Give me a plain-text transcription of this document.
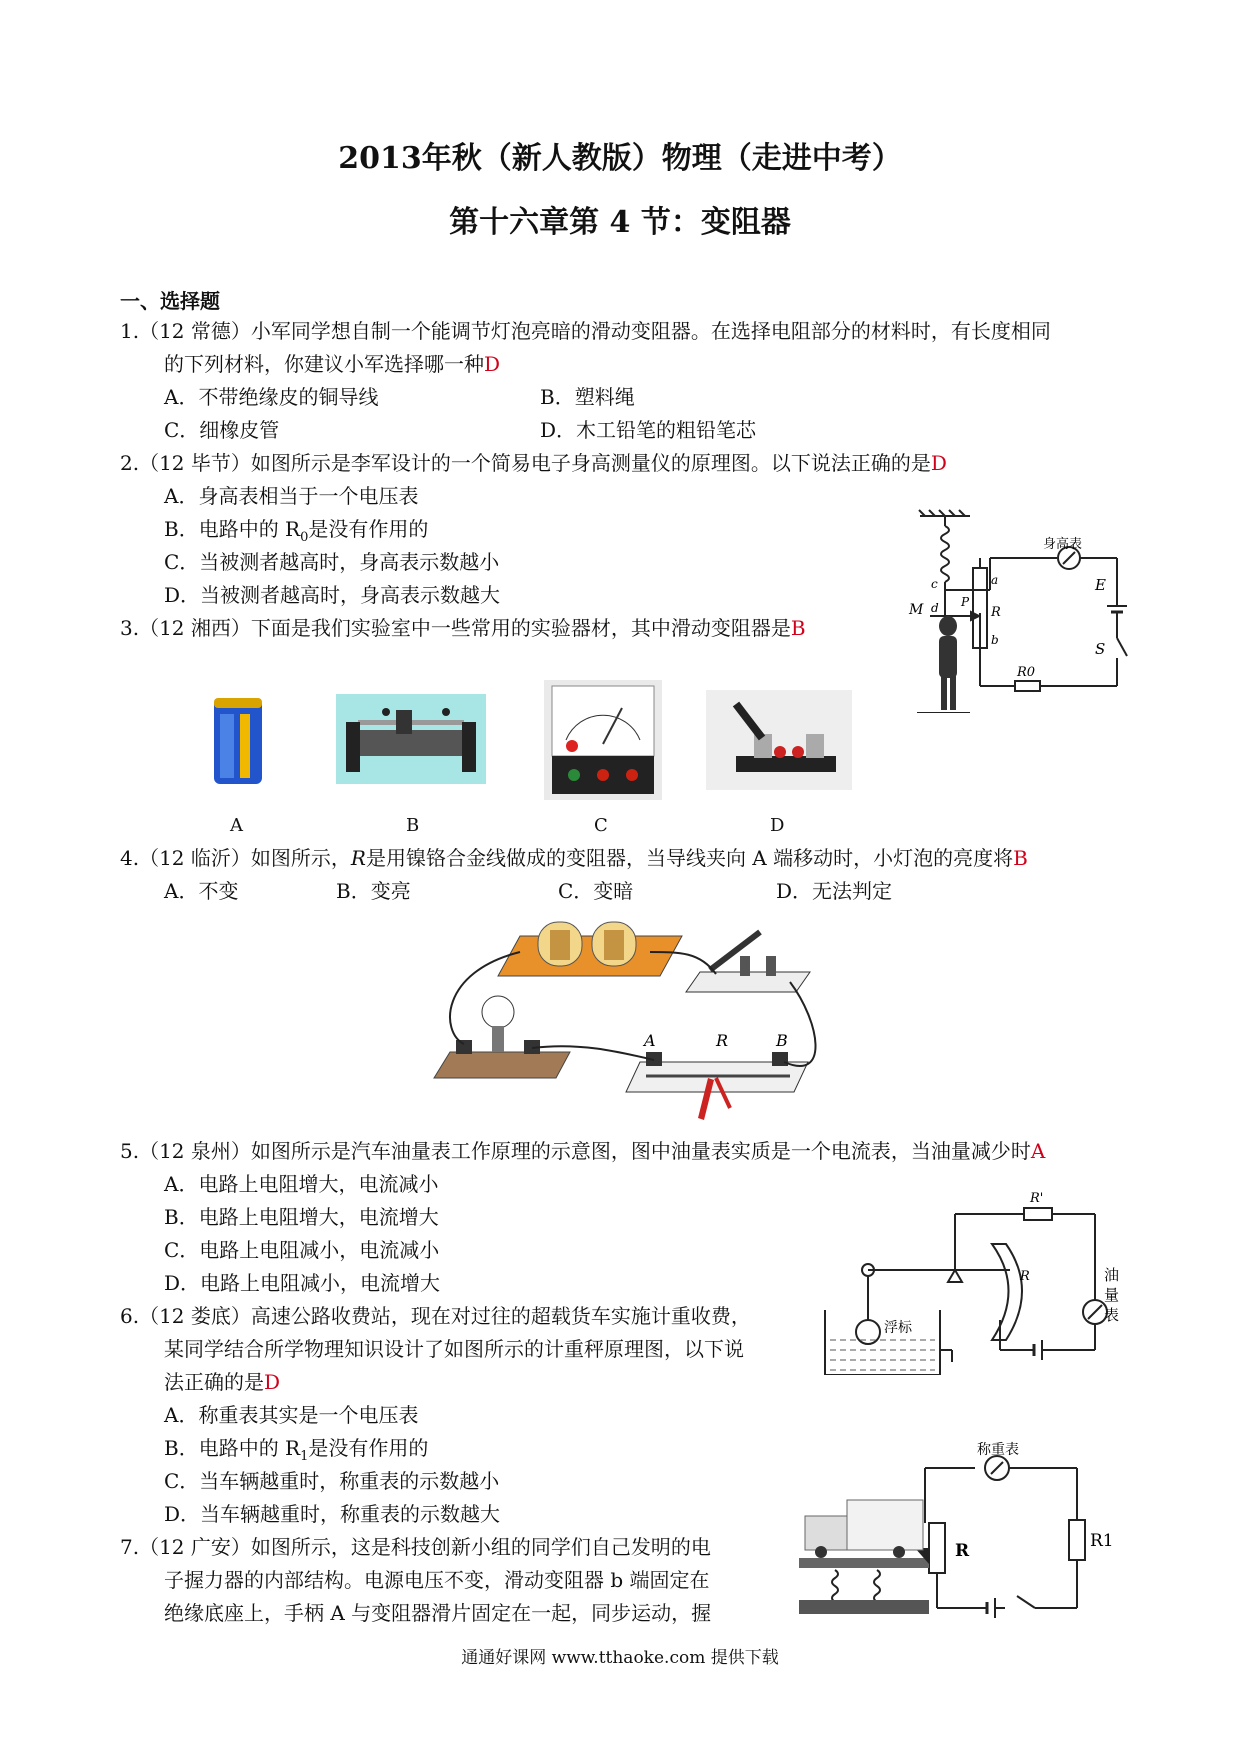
2013年秋（新人教版）物理（走进中考）
第十六章第 4 节：变阻器
一、选择题
1.（12 常德）小军同学想自制一个能调节灯泡亮暗的滑动变阻器。在选择电阻部分的材料时，有长度相同
的下列材料，你建议小军选择哪一种D
A．不带绝缘皮的铜导线	B．塑料绳
C．细橡皮管	D．木工铅笔的粗铅笔芯
2.（12 毕节）如图所示是李军设计的一个简易电子身高测量仪的原理图。以下说法正确的是D
A．身高表相当于一个电压表
B．电路中的 $R_0$是没有作用的
C．当被测者越高时，身高表示数越小
D．当被测者越高时，身高表示数越大
身高表
E
S
R0
M
c
d
a
b
R
P
3.（12 湘西）下面是我们实验室中一些常用的实验器材，其中滑动变阻器是B
A	B	C	D
4.（12 临沂）如图所示，R是用镍铬合金线做成的变阻器，当导线夹向 A 端移动时，小灯泡的亮度将B
A．不变	B．变亮	C．变暗	D．无法判定
A	R	B
5.（12 泉州）如图所示是汽车油量表工作原理的示意图，图中油量表实质是一个电流表，当油量减少时A
A．电路上电阻增大，电流减小
B．电路上电阻增大，电流增大
C．电路上电阻减小，电流减小
D．电路上电阻减小，电流增大
R'
R	油
量
表
浮标
6.（12 娄底）高速公路收费站，现在对过往的超载货车实施计重收费，
某同学结合所学物理知识设计了如图所示的计重秤原理图，以下说
法正确的是D
A．称重表其实是一个电压表
B．电路中的 $R_1$是没有作用的
C．当车辆越重时，称重表的示数越小
D．当车辆越重时，称重表的示数越大
称重表
R	R1
7.（12 广安）如图所示，这是科技创新小组的同学们自己发明的电
子握力器的内部结构。电源电压不变，滑动变阻器 b 端固定在
绝缘底座上，手柄 A 与变阻器滑片固定在一起，同步运动，握
通通好课网 www.tthaoke.com 提供下载
